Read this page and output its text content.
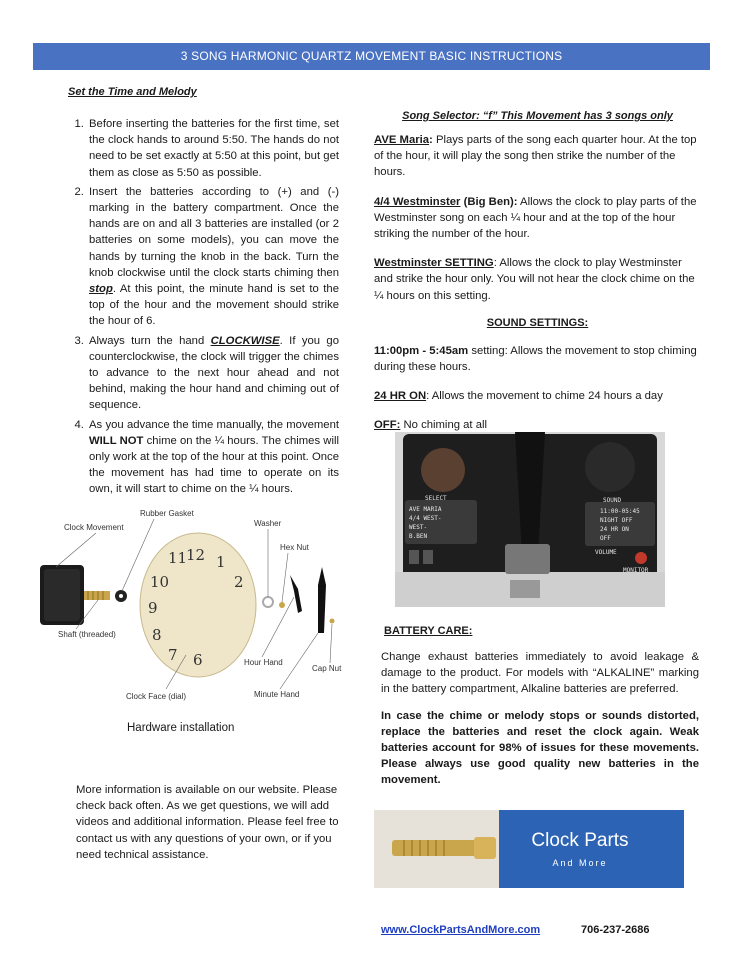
3 SONG HARMONIC QUARTZ MOVEMENT BASIC INSTRUCTIONS
Set the Time and Melody
1. Before inserting the batteries for the first time, set the clock hands to around 5:50. The hands do not need to be set exactly at 5:50 at this point, but get them as close as 5:50 as possible.
2. Insert the batteries according to (+) and (-) marking in the battery compartment. Once the hands are on and all 3 batteries are installed (or 2 batteries on some models), you can move the hands by turning the knob in the back. Turn the knob clockwise until the clock starts chiming then stop. At this point, the minute hand is set to the top of the hour and the movement should strike the hour of 6.
3. Always turn the hand CLOCKWISE. If you go counterclockwise, the clock will trigger the chimes to advance to the next hour ahead and not behind, making the hour hand and chiming out of sequence.
4. As you advance the time manually, the movement WILL NOT chime on the ¼ hours. The chimes will only work at the top of the hour at this point. Once the movement has had time to operate on its own, it will start to chime on the ¼ hours.
12 1
2
11
10
9
8
7 6
Clock Movement
Rubber Gasket
Washer
Hex Nut
Shaft (threaded)
Hour Hand
Cap Nut
Clock Face (dial)	Minute Hand
Hardware installation
More information is available on our website. Please check back often. As we get questions, we will add videos and additional information. Please feel free to contact us with any questions of your own, or if you need technical assistance.
Song Selector: “f” This Movement has 3 songs only

AVE Maria: Plays parts of the song each quarter hour. At the top of the hour, it will play the song then strike the number of the hours.

4/4 Westminster (Big Ben): Allows the clock to play parts of the Westminster song on each ¼ hour and at the top of the hour striking the number of the hour.

Westminster SETTING: Allows the clock to play Westminster and strike the hour only. You will not hear the clock chime on the ¼ hours on this setting.

SOUND SETTINGS:

11:00pm - 5:45am setting: Allows the movement to stop chiming during these hours.

24 HR ON: Allows the movement to chime 24 hours a day

OFF: No chiming at all

SELECT
AVE MARIA
4/4 WEST-
WEST-
B.BEN
SOUND
11:00-05:45
NIGHT OFF
24 HR ON
OFF
VOLUME
MONITOR
BATTERY CARE:

Change exhaust batteries immediately to avoid leakage & damage to the product. For models with “ALKALINE” marking in the battery compartment, Alkaline batteries are preferred.

In case the chime or melody stops or sounds distorted, replace the batteries and reset the clock again. Weak batteries account for 98% of issues for these movements. Please always use good quality new batteries in the movement.

Clock Parts
And More
www.ClockPartsAndMore.com	706-237-2686
